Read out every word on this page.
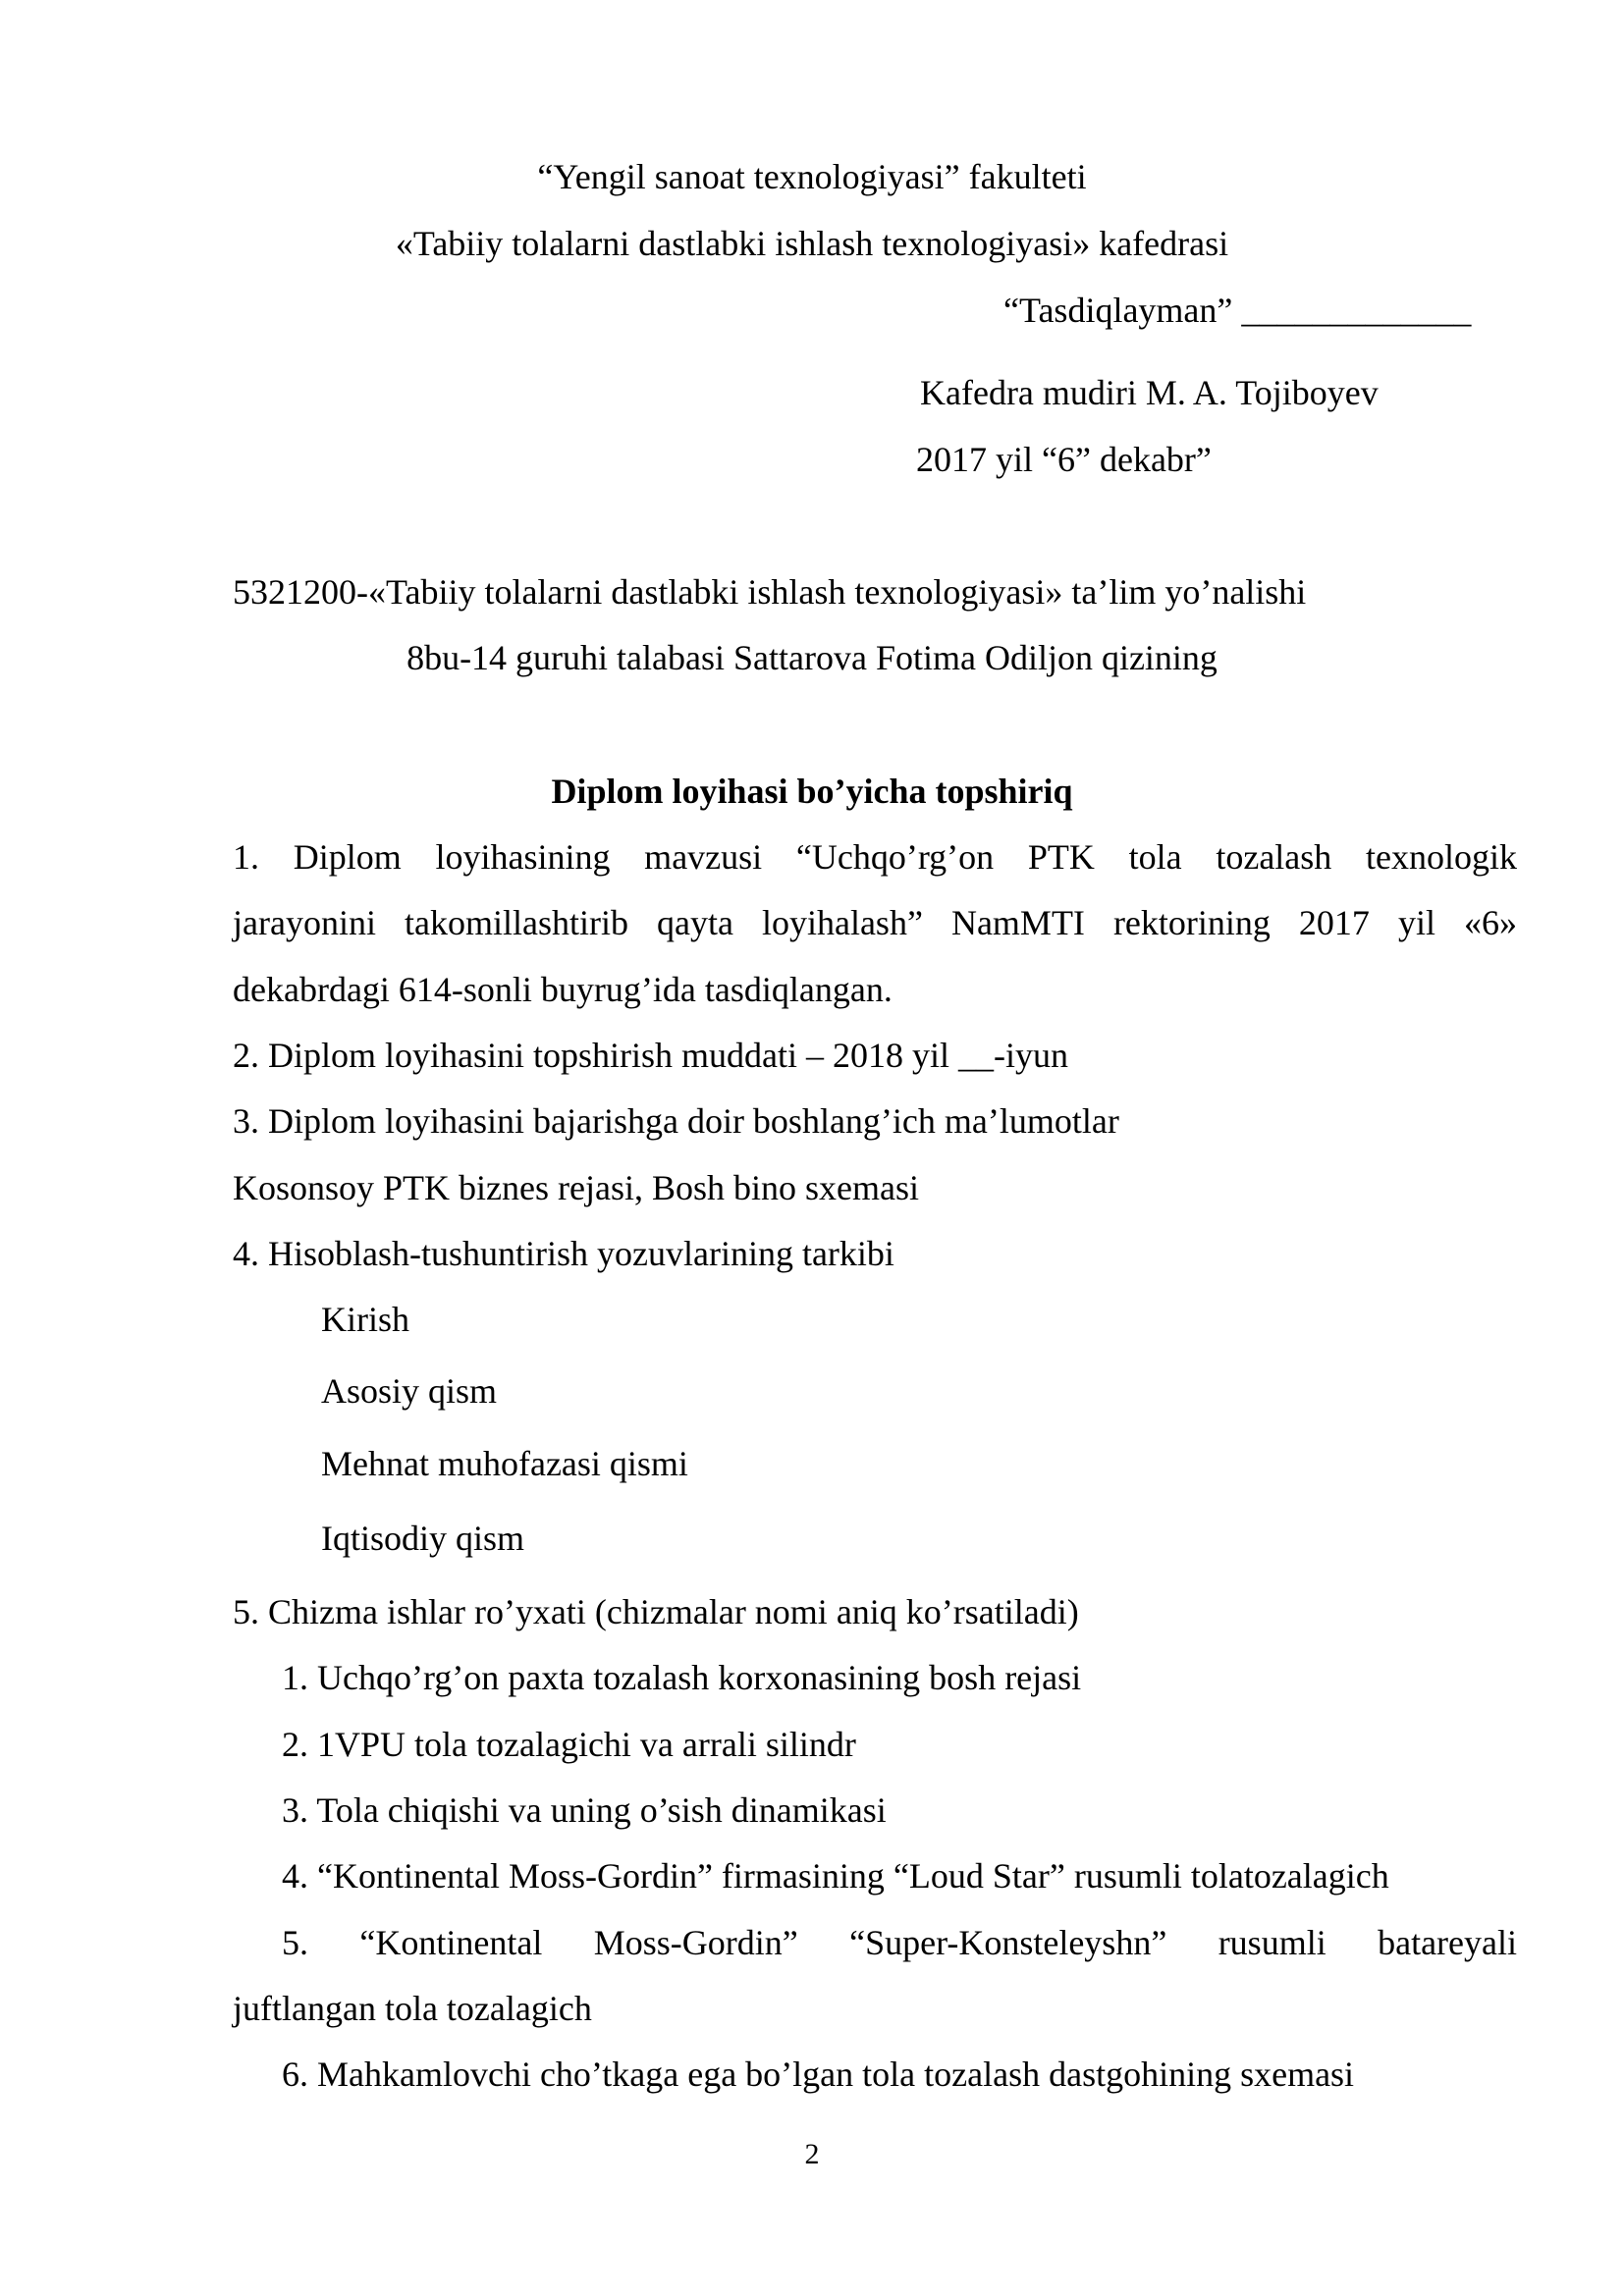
“Yengil sanoat texnologiyasi” fakulteti
«Tabiiy tolalarni dastlabki ishlash texnologiyasi» kafedrasi
“Tasdiqlayman” _____________
Kafedra mudiri M. A. Tojiboyev
2017 yil “6” dekabr”
5321200-«Tabiiy tolalarni dastlabki ishlash texnologiyasi» ta’lim yo’nalishi
8bu-14 guruhi talabasi Sattarova Fotima Odiljon qizining
Diplom loyihasi bo’yicha topshiriq
1. Diplom loyihasining mavzusi “Uchqo’rg’on PTK tola tozalash texnologik
jarayonini takomillashtirib qayta loyihalash” NamMTI rektorining 2017 yil «6»
dekabrdagi 614-sonli buyrug’ida tasdiqlangan.
2. Diplom loyihasini topshirish muddati – 2018 yil __-iyun
3. Diplom loyihasini bajarishga doir boshlang’ich ma’lumotlar
Kosonsoy PTK biznes rejasi, Bosh bino sxemasi
4. Hisoblash-tushuntirish yozuvlarining tarkibi
Kirish
Asosiy qism
Mehnat muhofazasi qismi
Iqtisodiy qism
5. Chizma ishlar ro’yxati (chizmalar nomi aniq ko’rsatiladi)
1. Uchqo’rg’on paxta tozalash korxonasining bosh rejasi
2. 1VPU tola tozalagichi va arrali silindr
3. Tola chiqishi va uning o’sish dinamikasi
4. “Kontinental Moss-Gordin” firmasining “Loud Star” rusumli tolatozalagich
5. “Kontinental Moss-Gordin” “Super-Konsteleyshn” rusumli batareyali
juftlangan tola tozalagich
6. Mahkamlovchi cho’tkaga ega bo’lgan tola tozalash dastgohining sxemasi
2
